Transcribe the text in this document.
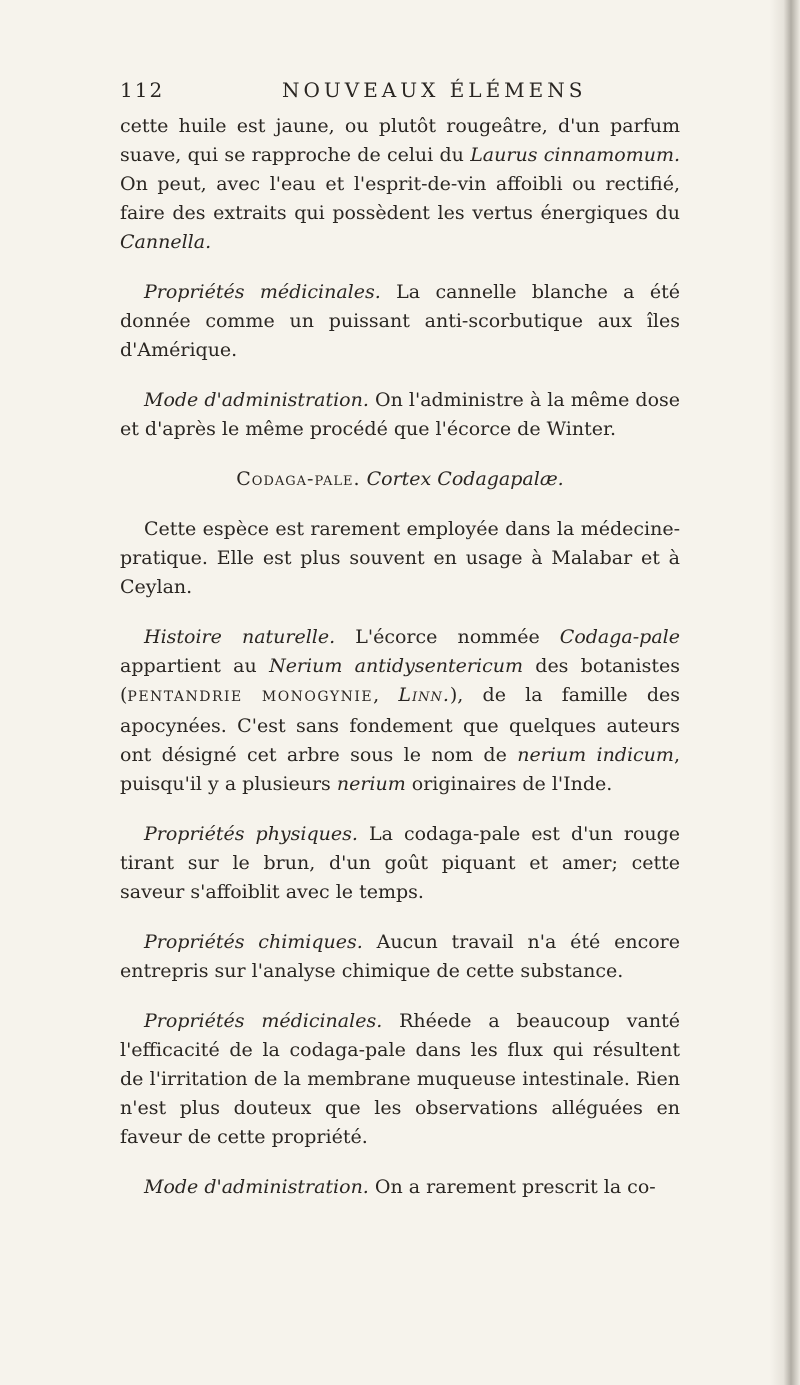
112	NOUVEAUX ÉLÉMENS

cette huile est jaune, ou plutôt rougeâtre, d'un parfum suave, qui se rapproche de celui du Laurus cinnamomum. On peut, avec l'eau et l'esprit-de-vin affoibli ou rectifié, faire des extraits qui possèdent les vertus énergiques du Cannella.

Propriétés médicinales. La cannelle blanche a été donnée comme un puissant anti-scorbutique aux îles d'Amérique.

Mode d'administration. On l'administre à la même dose et d'après le même procédé que l'écorce de Winter.

Codaga-pale. Cortex Codagapalæ.

Cette espèce est rarement employée dans la médecine-pratique. Elle est plus souvent en usage à Malabar et à Ceylan.

Histoire naturelle. L'écorce nommée Codaga-pale appartient au Nerium antidysentericum des botanistes (PENTANDRIE MONOGYNIE, Linn.), de la famille des apocynées. C'est sans fondement que quelques auteurs ont désigné cet arbre sous le nom de nerium indicum, puisqu'il y a plusieurs nerium originaires de l'Inde.

Propriétés physiques. La codaga-pale est d'un rouge tirant sur le brun, d'un goût piquant et amer; cette saveur s'affoiblit avec le temps.

Propriétés chimiques. Aucun travail n'a été encore entrepris sur l'analyse chimique de cette substance.

Propriétés médicinales. Rhéede a beaucoup vanté l'efficacité de la codaga-pale dans les flux qui résultent de l'irritation de la membrane muqueuse intestinale. Rien n'est plus douteux que les observations alléguées en faveur de cette propriété.

Mode d'administration. On a rarement prescrit la co-
